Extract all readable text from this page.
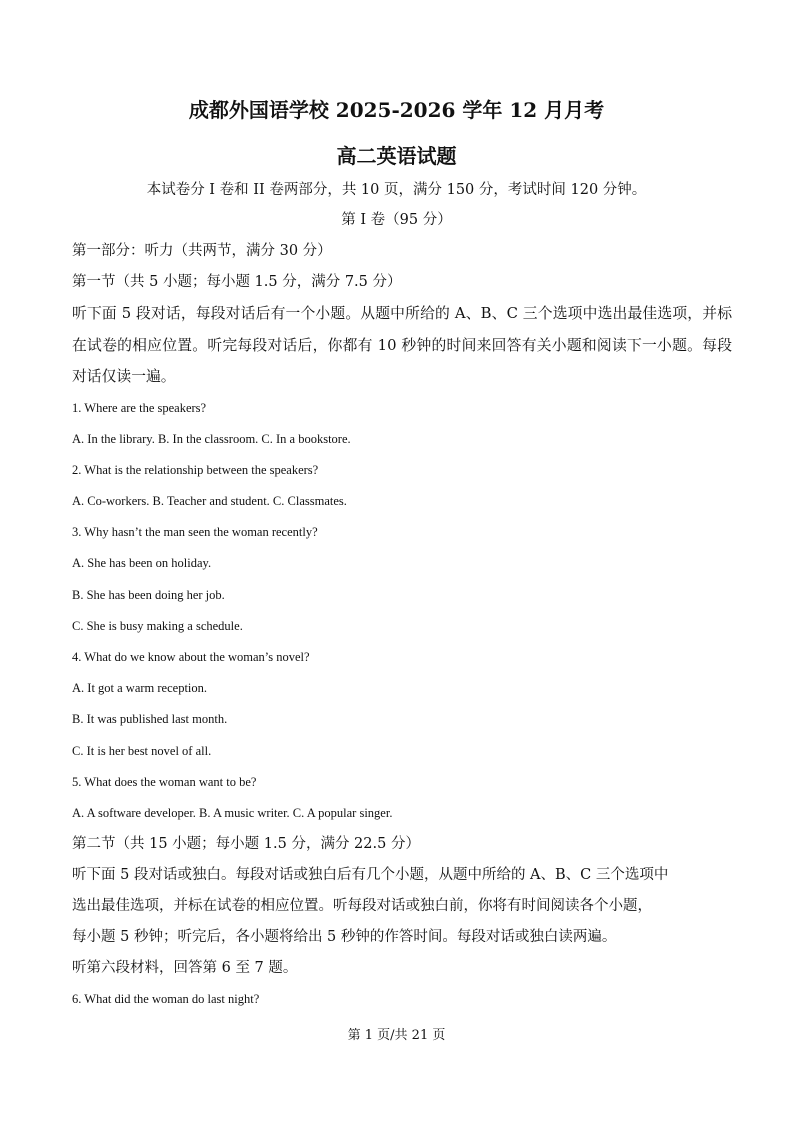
成都外国语学校 2025-2026 学年 12 月月考
高二英语试题
本试卷分 I 卷和 II 卷两部分，共 10 页，满分 150 分，考试时间 120 分钟。
第 I 卷（95 分）
第一部分：听力（共两节，满分 30 分）
第一节（共 5 小题；每小题 1.5 分，满分 7.5 分）
听下面 5 段对话，每段对话后有一个小题。从题中所给的 A、B、C 三个选项中选出最佳选项，并标在试卷的相应位置。听完每段对话后，你都有 10 秒钟的时间来回答有关小题和阅读下一小题。每段对话仅读一遍。
1. Where are the speakers?
A. In the library. B. In the classroom. C. In a bookstore.
2. What is the relationship between the speakers?
A. Co-workers. B. Teacher and student. C. Classmates.
3. Why hasn’t the man seen the woman recently?
A. She has been on holiday.
B. She has been doing her job.
C. She is busy making a schedule.
4. What do we know about the woman’s novel?
A. It got a warm reception.
B. It was published last month.
C. It is her best novel of all.
5. What does the woman want to be?
A. A software developer. B. A music writer. C. A popular singer.
第二节（共 15 小题；每小题 1.5 分，满分 22.5 分）
听下面 5 段对话或独白。每段对话或独白后有几个小题，从题中所给的 A、B、C 三个选项中
选出最佳选项，并标在试卷的相应位置。听每段对话或独白前，你将有时间阅读各个小题，
每小题 5 秒钟；听完后，各小题将给出 5 秒钟的作答时间。每段对话或独白读两遍。
听第六段材料，回答第 6 至 7 题。
6. What did the woman do last night?
第 1 页/共 21 页
